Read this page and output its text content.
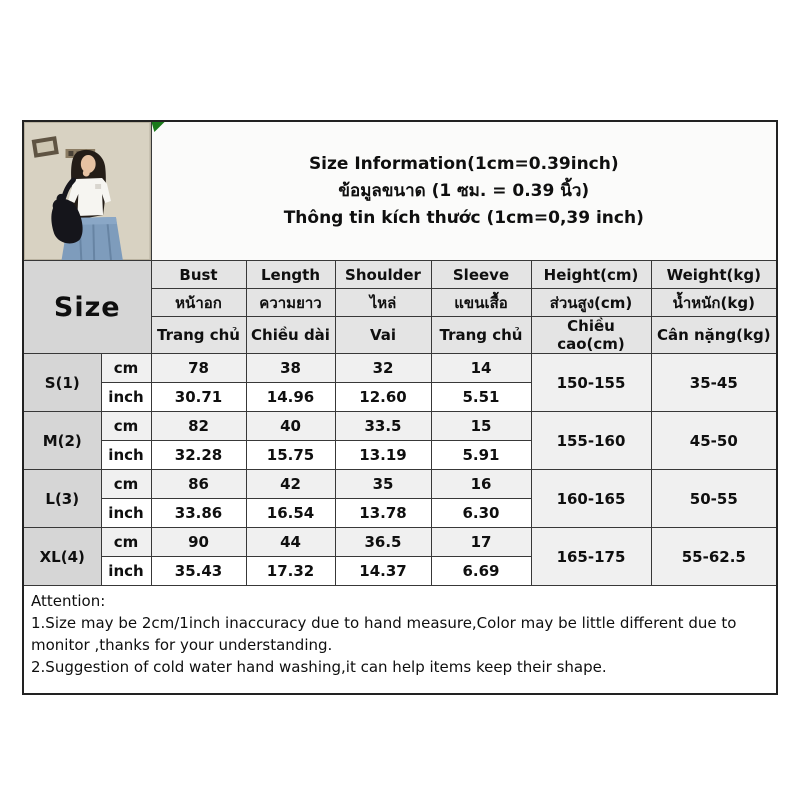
Size Information(1cm=0.39inch)
ข้อมูลขนาด (1 ซม. = 0.39 นิ้ว)
Thông tin kích thước (1cm=0,39 inch)					

Size		Bust	Length	Shoulder	Sleeve	Height(cm)	Weight(kg)
		หน้าอก	ความยาว	ไหล่	แขนเสื้อ	ส่วนสูง(cm)	น้ำหนัก(kg)
		Trang chủ	Chiều dài	Vai	Trang chủ	Chiều cao(cm)	Cân nặng(kg)
S(1)	cm	78	38	32	14	150-155	35-45
	inch	30.71	14.96	12.60	5.51		
M(2)	cm	82	40	33.5	15	155-160	45-50
	inch	32.28	15.75	13.19	5.91		
L(3)	cm	86	42	35	16	160-165	50-55
	inch	33.86	16.54	13.78	6.30		
XL(4)	cm	90	44	36.5	17	165-175	55-62.5
	inch	35.43	17.32	14.37	6.69		

Attention:
1.Size may be 2cm/1inch inaccuracy due to hand measure,Color may be little different due to monitor ,thanks for your understanding.
2.Suggestion of cold water hand washing,it can help items keep their shape.							
